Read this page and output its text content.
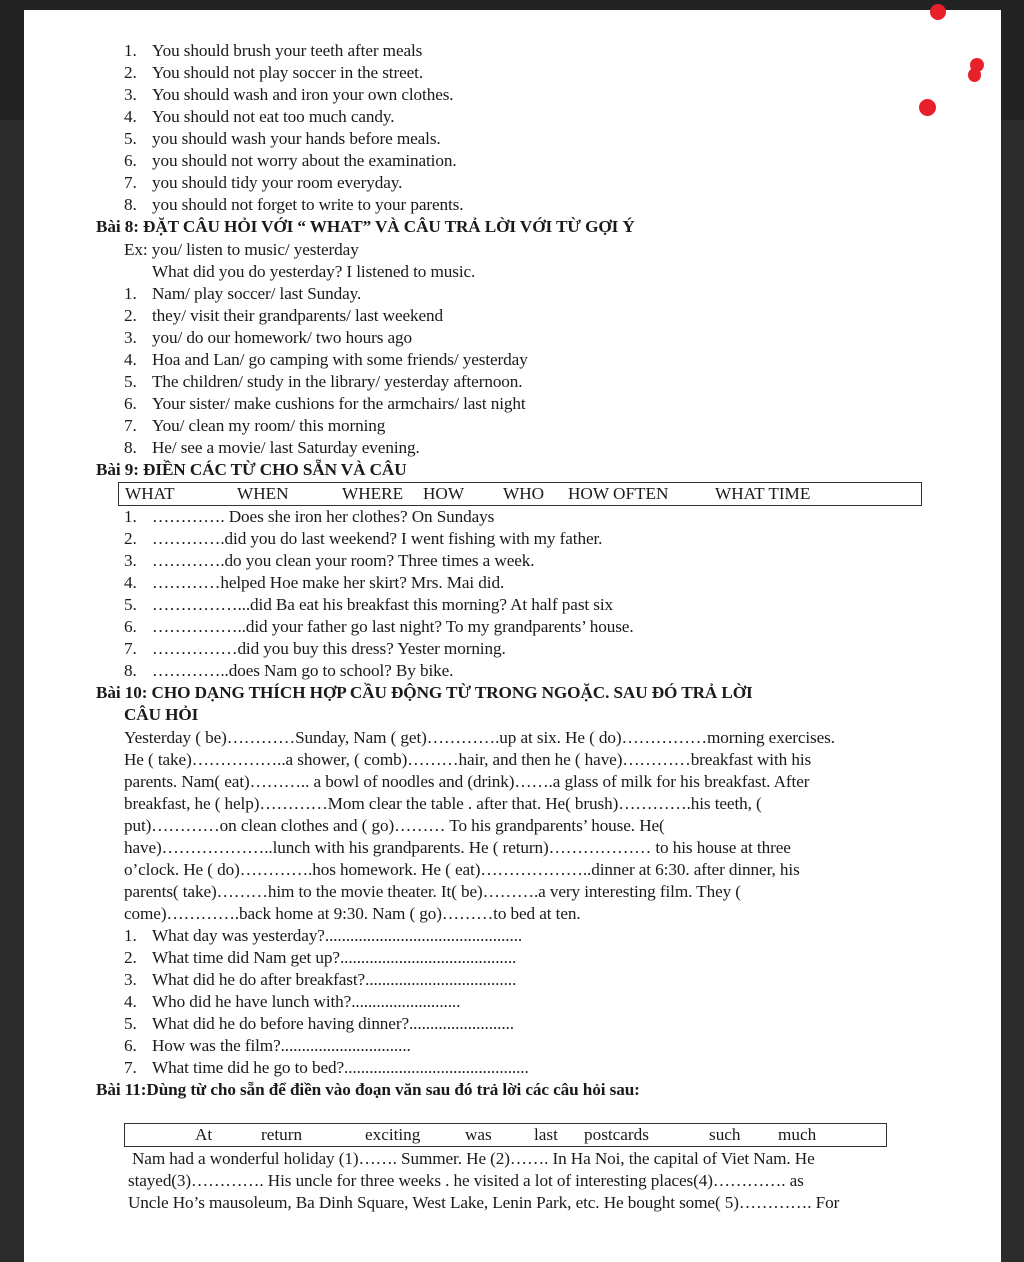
1. You should brush your teeth after meals
2. You should not play soccer in the street.
3. You should wash and iron your own clothes.
4. You should not eat too much candy.
5. you should wash your hands before meals.
6. you should not worry about the examination.
7. you should tidy your room everyday.
8. you should not forget to write to your parents.
Bài 8: ĐẶT CÂU HỎI VỚI “ WHAT” VÀ CÂU TRẢ LỜI VỚI TỪ GỢI Ý
Ex: you/ listen to music/ yesterday
What did you do yesterday? I listened to music.
1. Nam/ play soccer/ last Sunday.
2. they/ visit their grandparents/ last weekend
3. you/ do our homework/ two hours ago
4. Hoa and Lan/ go camping with some friends/ yesterday
5. The children/ study in the library/ yesterday afternoon.
6. Your sister/ make cushions for the armchairs/ last night
7. You/ clean my room/ this morning
8. He/ see a movie/ last Saturday evening.
Bài 9: ĐIỀN CÁC TỪ CHO SẴN VÀ CÂU
WHAT	WHEN	WHERE HOW WHO HOW OFTEN	WHAT TIME
1. …………. Does she iron her clothes? On Sundays
2. ………….did you do last weekend? I went fishing with my father.
3. ………….do you clean your room? Three times a week.
4. …………helped Hoe make her skirt? Mrs. Mai did.
5. ……………...did Ba eat his breakfast this morning? At half past six
6. ……………..did your father go last night? To my grandparents’ house.
7. ……………did you buy this dress? Yester morning.
8. …………..does Nam go to school? By bike.
Bài 10: CHO DẠNG THÍCH HỢP CẦU ĐỘNG TỪ TRONG NGOẶC. SAU ĐÓ TRẢ LỜI
CÂU HỎI
Yesterday ( be)…………Sunday, Nam ( get)………….up at six. He ( do)……………morning exercises.
He ( take)……………..a shower, ( comb)………hair, and then he ( have)…………breakfast with his
parents. Nam( eat)……….. a bowl of noodles and (drink)…….a glass of milk for his breakfast. After
breakfast, he ( help)…………Mom clear the table . after that. He( brush)………….his teeth, (
put)…………on clean clothes and ( go)……… To his grandparents’ house. He(
have)………………..lunch with his grandparents. He ( return)……………… to his house at three
o’clock. He ( do)………….hos homework. He ( eat)………………..dinner at 6:30. after dinner, his
parents( take)………him to the movie theater. It( be)……….a very interesting film. They (
come)………….back home at 9:30. Nam ( go)………to bed at ten.
1. What day was yesterday?...............................................
2. What time did Nam get up?..........................................
3. What did he do after breakfast?....................................
4. Who did he have lunch with?..........................
5. What did he do before having dinner?.........................
6. How was the film?...............................
7. What time did he go to bed?............................................
Bài 11:Dùng từ cho sẵn để điền vào đoạn văn sau đó trả lời các câu hỏi sau:
At	return	exciting	was last postcards	such much
Nam had a wonderful holiday (1)……. Summer. He (2)……. In Ha Noi, the capital of Viet Nam. He
stayed(3)…………. His uncle for three weeks . he visited a lot of interesting places(4)…………. as
Uncle Ho’s mausoleum, Ba Dinh Square, West Lake, Lenin Park, etc. He bought some( 5)…………. For
